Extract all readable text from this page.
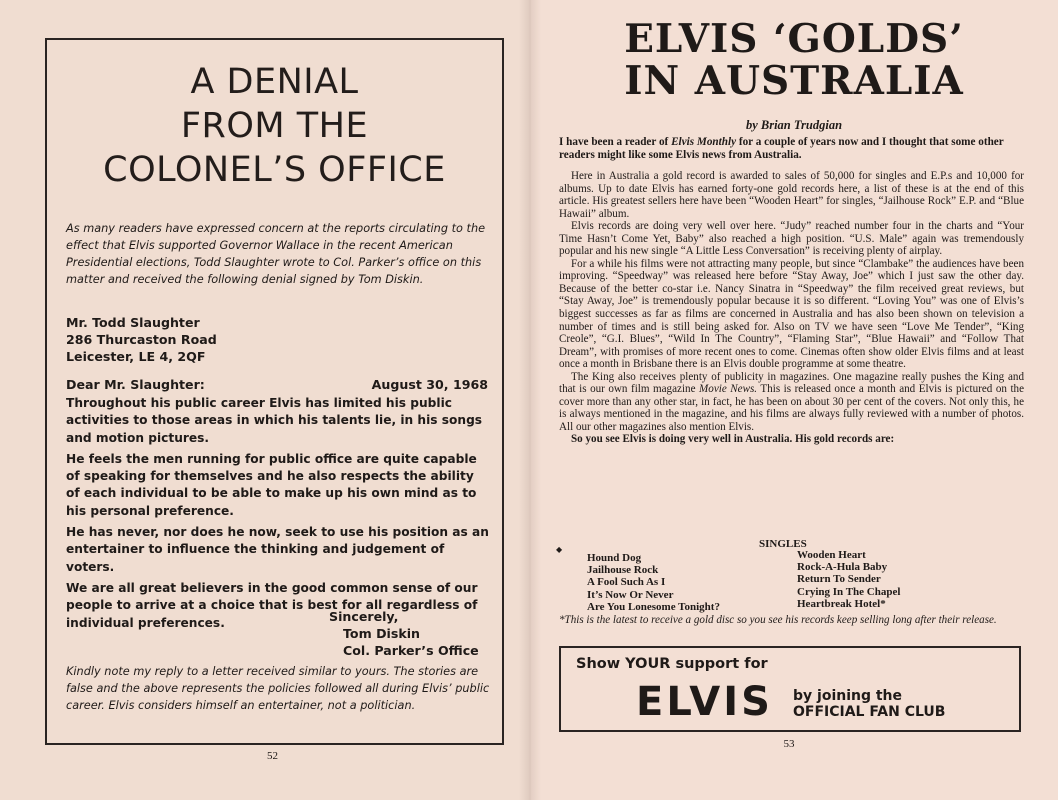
A DENIAL
FROM THE
COLONEL’S OFFICE
As many readers have expressed concern at the reports circulating to the effect that Elvis supported Governor Wallace in the recent American Presidential elections, Todd Slaughter wrote to Col. Parker’s office on this matter and received the following denial signed by Tom Diskin.
Mr. Todd Slaughter
286 Thurcaston Road
Leicester, LE 4, 2QF
Dear Mr. Slaughter:	August 30, 1968

Throughout his public career Elvis has limited his public activities to those areas in which his talents lie, in his songs and motion pictures.

He feels the men running for public office are quite capable of speaking for themselves and he also respects the ability of each individual to be able to make up his own mind as to his personal preference.

He has never, nor does he now, seek to use his position as an entertainer to influence the thinking and judgement of voters.

We are all great believers in the good common sense of our people to arrive at a choice that is best for all regardless of individual preferences.	Sincerely,
Tom Diskin
Col. Parker’s Office
Kindly note my reply to a letter received similar to yours. The stories are false and the above represents the policies followed all during Elvis’ public career. Elvis considers himself an entertainer, not a politician.
52
ELVIS ‘GOLDS’
IN AUSTRALIA
by Brian Trudgian
I have been a reader of Elvis Monthly for a couple of years now and I thought that some other readers might like some Elvis news from Australia.

Here in Australia a gold record is awarded to sales of 50,000 for singles and E.P.s and 10,000 for albums. Up to date Elvis has earned forty-one gold records here, a list of these is at the end of this article. His greatest sellers here have been “Wooden Heart” for singles, “Jailhouse Rock” E.P. and “Blue Hawaii” album.

Elvis records are doing very well over here. “Judy” reached number four in the charts and “Your Time Hasn’t Come Yet, Baby” also reached a high position. “U.S. Male” again was tremendously popular and his new single “A Little Less Conversation” is receiving plenty of airplay.

For a while his films were not attracting many people, but since “Clambake” the audiences have been improving. “Speedway” was released here before “Stay Away, Joe” which I just saw the other day. Because of the better co-star i.e. Nancy Sinatra in “Speedway” the film received great reviews, but “Stay Away, Joe” is tremendously popular because it is so different. “Loving You” was one of Elvis’s biggest successes as far as films are concerned in Australia and has also been shown on television a number of times and is still being asked for. Also on TV we have seen “Love Me Tender”, “King Creole”, “G.I. Blues”, “Wild In The Country”, “Flaming Star”, “Blue Hawaii” and “Follow That Dream”, with promises of more recent ones to come. Cinemas often show older Elvis films and at least once a month in Brisbane there is an Elvis double programme at some theatre.

The King also receives plenty of publicity in magazines. One magazine really pushes the King and that is our own film magazine Movie News. This is released once a month and Elvis is pictured on the cover more than any other star, in fact, he has been on about 30 per cent of the covers. Not only this, he is always mentioned in the magazine, and his films are always fully reviewed with a number of photos. All our other magazines also mention Elvis.

So you see Elvis is doing very well in Australia. His gold records are:

SINGLES
◆
Hound Dog
Jailhouse Rock
A Fool Such As I
It’s Now Or Never
Are You Lonesome Tonight?
Wooden Heart
Rock-A-Hula Baby
Return To Sender
Crying In The Chapel
Heartbreak Hotel*
*This is the latest to receive a gold disc so you see his records keep selling long after their release.
Show YOUR support for
ELVIS by joining the
OFFICIAL FAN CLUB
53
